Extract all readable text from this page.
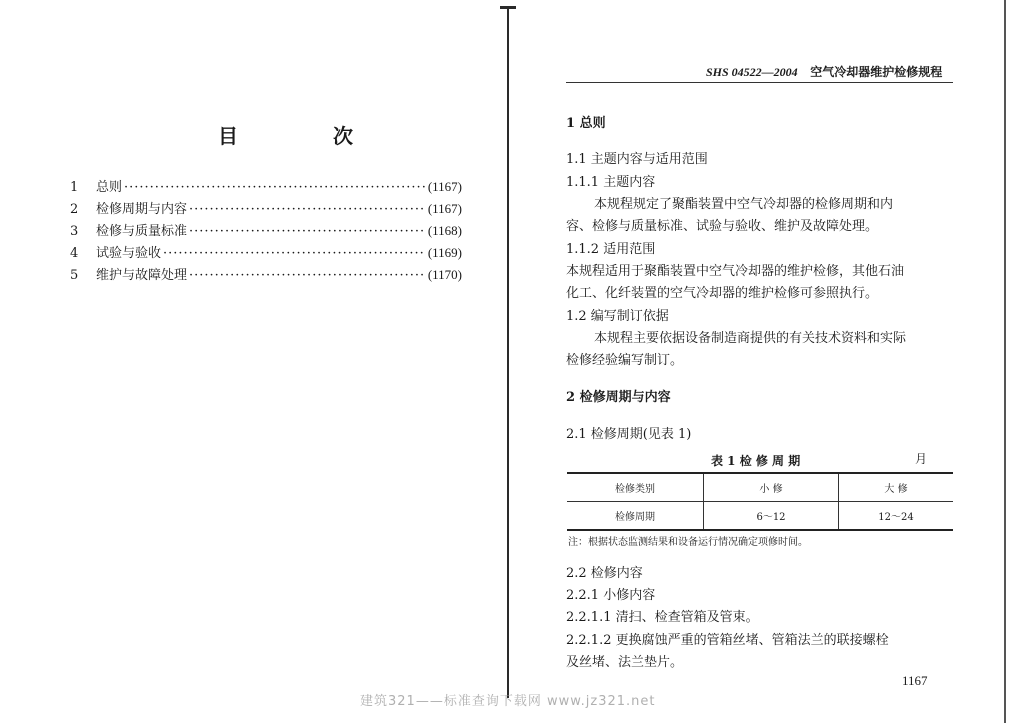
目 次
1	总则 ·····	(1167)
2	检修周期与内容 ·····	(1167)
3	检修与质量标准 ·····	(1168)
4	试验与验收 ·····	(1169)
5	维护与故障处理 ·····	(1170)
SHS 04522—2004 空气冷却器维护检修规程
1 总则
1.1 主题内容与适用范围
1.1.1 主题内容
本规程规定了聚酯装置中空气冷却器的检修周期和内
容、检修与质量标准、试验与验收、维护及故障处理。
1.1.2 适用范围
本规程适用于聚酯装置中空气冷却器的维护检修，其他石油
化工、化纤装置的空气冷却器的维护检修可参照执行。
1.2 编写制订依据
本规程主要依据设备制造商提供的有关技术资料和实际
检修经验编写制订。
2 检修周期与内容
2.1 检修周期(见表 1)
表 1 检 修 周 期	月
检修类别	小 修	大 修
检修周期	6～12	12～24
注：根据状态监测结果和设备运行情况确定项修时间。
2.2 检修内容
2.2.1 小修内容
2.2.1.1 清扫、检查管箱及管束。
2.2.1.2 更换腐蚀严重的管箱丝堵、管箱法兰的联接螺栓
及丝堵、法兰垫片。
1167
建筑321——标准查询下载网 www.jz321.net
